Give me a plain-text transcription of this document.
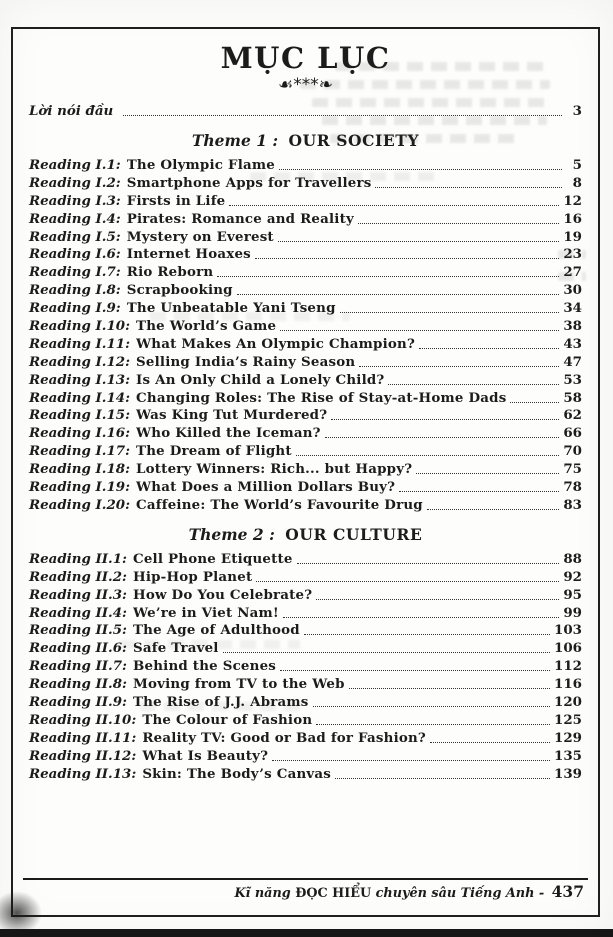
MỤC LỤC
☙***❧
Lời nói đầu	3
Theme 1 : OUR SOCIETY
Reading I.1: The Olympic Flame	5
Reading I.2: Smartphone Apps for Travellers	8
Reading I.3: Firsts in Life	12
Reading I.4: Pirates: Romance and Reality	16
Reading I.5: Mystery on Everest	19
Reading I.6: Internet Hoaxes	23
Reading I.7: Rio Reborn	27
Reading I.8: Scrapbooking	30
Reading I.9: The Unbeatable Yani Tseng	34
Reading I.10: The World’s Game	38
Reading I.11: What Makes An Olympic Champion?	43
Reading I.12: Selling India’s Rainy Season	47
Reading I.13: Is An Only Child a Lonely Child?	53
Reading I.14: Changing Roles: The Rise of Stay-at-Home Dads	58
Reading I.15: Was King Tut Murdered?	62
Reading I.16: Who Killed the Iceman?	66
Reading I.17: The Dream of Flight	70
Reading I.18: Lottery Winners: Rich... but Happy?	75
Reading I.19: What Does a Million Dollars Buy?	78
Reading I.20: Caffeine: The World’s Favourite Drug	83
Theme 2 : OUR CULTURE
Reading II.1: Cell Phone Etiquette	88
Reading II.2: Hip-Hop Planet	92
Reading II.3: How Do You Celebrate?	95
Reading II.4: We’re in Viet Nam!	99
Reading II.5: The Age of Adulthood	103
Reading II.6: Safe Travel	106
Reading II.7: Behind the Scenes	112
Reading II.8: Moving from TV to the Web	116
Reading II.9: The Rise of J.J. Abrams	120
Reading II.10: The Colour of Fashion	125
Reading II.11: Reality TV: Good or Bad for Fashion?	129
Reading II.12: What Is Beauty?	135
Reading II.13: Skin: The Body’s Canvas	139
Kĩ năng ĐỌC HIỂU chuyên sâu Tiếng Anh - 437
